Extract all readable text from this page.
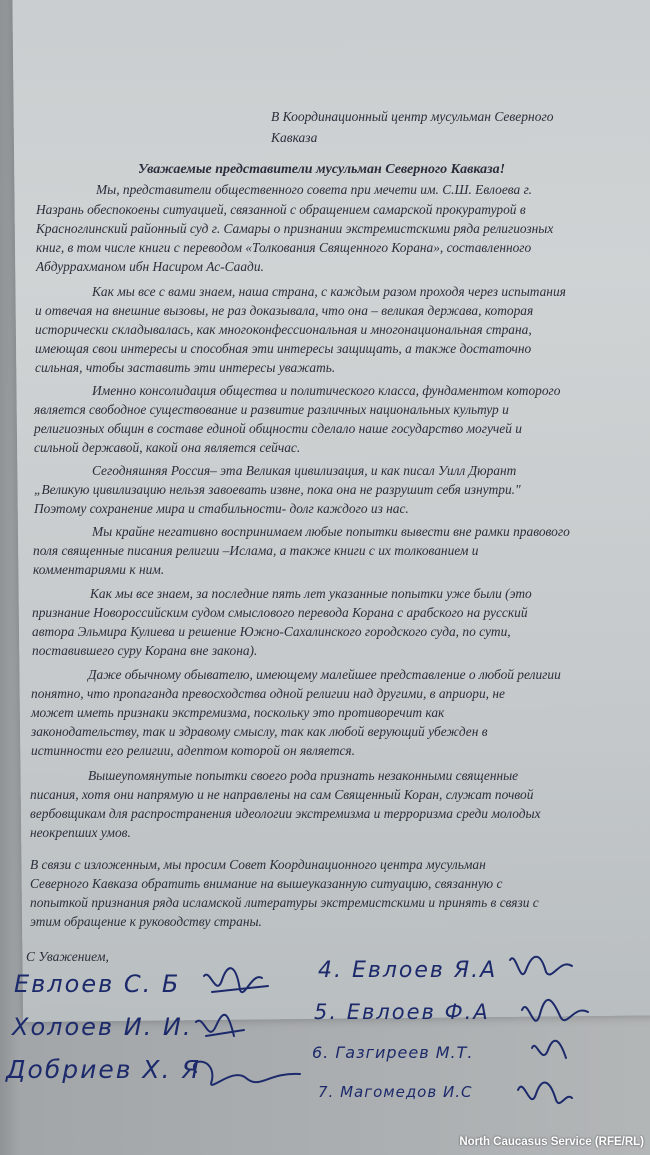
В Координационный центр мусульман Северного
Кавказа
Уважаемые представители мусульман Северного Кавказа!
Мы, представители общественного совета при мечети им. С.Ш. Евлоева г.
Назрань обеспокоены ситуацией, связанной с обращением самарской прокуратурой в
Красноглинский районный суд г. Самары о признании экстремистскими ряда религиозных
книг, в том числе книги с переводом «Толкования Священного Корана», составленного
Абдуррахманом ибн Насиром Ас-Саади.
Как мы все с вами знаем, наша страна, с каждым разом проходя через испытания
и отвечая на внешние вызовы, не раз доказывала, что она – великая держава, которая
исторически складывалась, как многоконфессиональная и многонациональная страна,
имеющая свои интересы и способная эти интересы защищать, а также достаточно
сильная, чтобы заставить эти интересы уважать.
Именно консолидация общества и политического класса, фундаментом которого
является свободное существование и развитие различных национальных культур и
религиозных общин в составе единой общности сделало наше государство могучей и
сильной державой, какой она является сейчас.
Сегодняшняя Россия– эта Великая цивилизация, и как писал Уилл Дюрант
„Великую цивилизацию нельзя завоевать извне, пока она не разрушит себя изнутри."
Поэтому сохранение мира и стабильности- долг каждого из нас.
Мы крайне негативно воспринимаем любые попытки вывести вне рамки правового
поля священные писания религии –Ислама, а также книги с их толкованием и
комментариями к ним.
Как мы все знаем, за последние пять лет указанные попытки уже были (это
признание Новороссийским судом смыслового перевода Корана с арабского на русский
автора Эльмира Кулиева и решение Южно-Сахалинского городского суда, по сути,
поставившего суру Корана вне закона).
Даже обычному обывателю, имеющему малейшее представление о любой религии
понятно, что пропаганда превосходства одной религии над другими, в априори, не
может иметь признаки экстремизма, поскольку это противоречит как
законодательству, так и здравому смыслу, так как любой верующий убежден в
истинности его религии, адептом которой он является.
Вышеупомянутые попытки своего рода признать незаконными священные
писания, хотя они напрямую и не направлены на сам Священный Коран, служат почвой
вербовщикам для распространения идеологии экстремизма и терроризма среди молодых
неокрепших умов.
В связи с изложенным, мы просим Совет Координационного центра мусульман
Северного Кавказа обратить внимание на вышеуказанную ситуацию, связанную с
попыткой признания ряда исламской литературы экстремистскими и принять в связи с
этим обращение к руководству страны.
С Уважением,
Евлоев С. Б
Холоев И. И.
Добриев Х. Я
4. Евлоев Я.А
5. Евлоев Ф.А
6. Газгиреев М.Т.
7. Магомедов И.С
North Caucasus Service (RFE/RL)
